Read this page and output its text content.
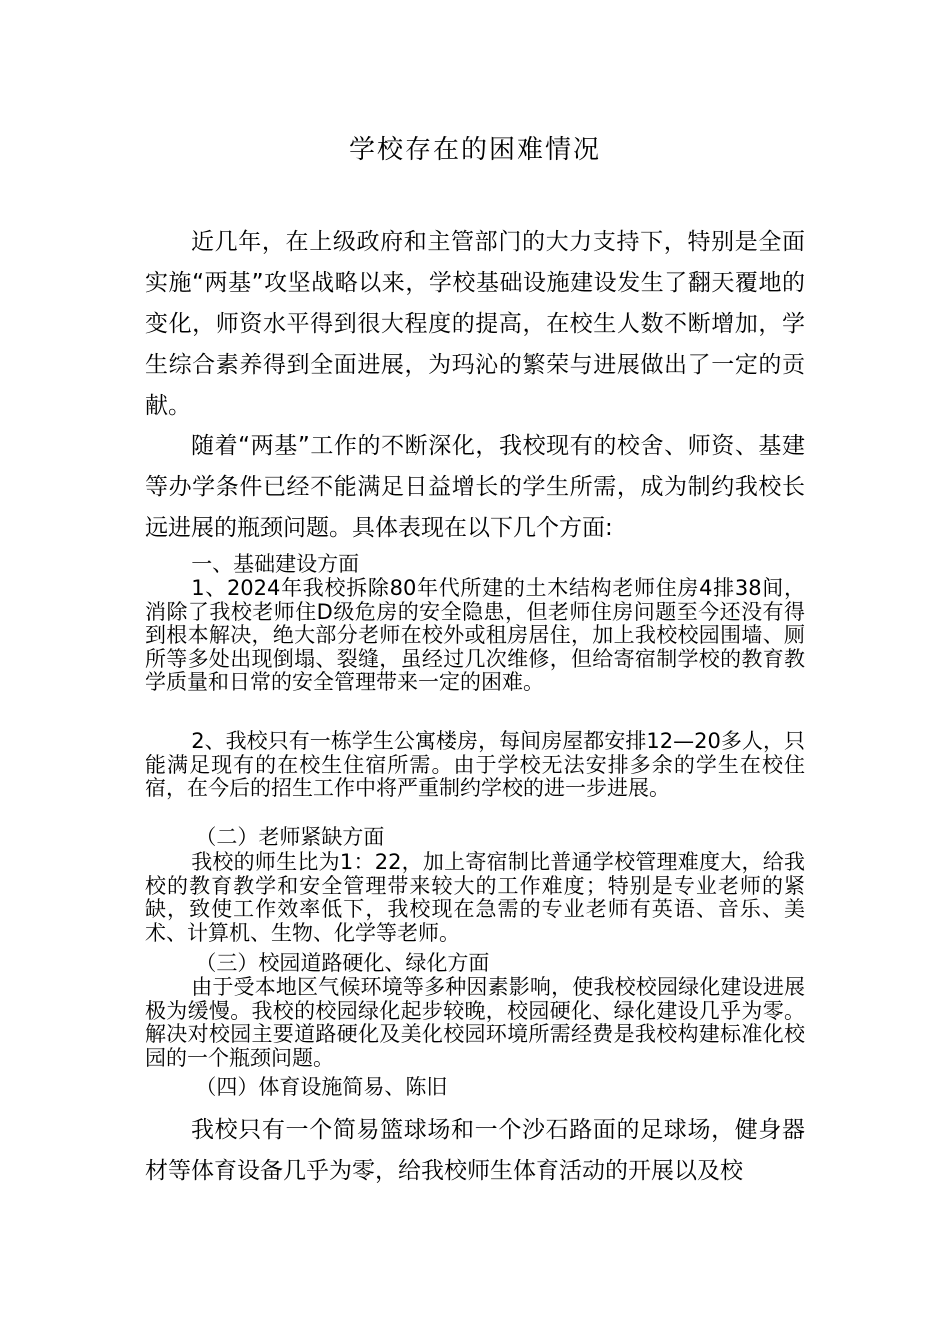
学校存在的困难情况
近几年，在上级政府和主管部门的大力支持下，特别是全面实施“两基”攻坚战略以来，学校基础设施建设发生了翻天覆地的变化，师资水平得到很大程度的提高，在校生人数不断增加，学生综合素养得到全面进展，为玛沁的繁荣与进展做出了一定的贡献。
随着“两基”工作的不断深化，我校现有的校舍、师资、基建等办学条件已经不能满足日益增长的学生所需，成为制约我校长远进展的瓶颈问题。具体表现在以下几个方面:
一、基础建设方面
1、2024年我校拆除80年代所建的土木结构老师住房4排38间，消除了我校老师住D级危房的安全隐患，但老师住房问题至今还没有得到根本解决，绝大部分老师在校外或租房居住，加上我校校园围墙、厕所等多处出现倒塌、裂缝，虽经过几次维修，但给寄宿制学校的教育教学质量和日常的安全管理带来一定的困难。
2、我校只有一栋学生公寓楼房，每间房屋都安排12—20多人，只能满足现有的在校生住宿所需。由于学校无法安排多余的学生在校住宿，在今后的招生工作中将严重制约学校的进一步进展。
（二）老师紧缺方面
我校的师生比为1：22，加上寄宿制比普通学校管理难度大，给我校的教育教学和安全管理带来较大的工作难度；特别是专业老师的紧缺，致使工作效率低下，我校现在急需的专业老师有英语、音乐、美术、计算机、生物、化学等老师。
（三）校园道路硬化、绿化方面
由于受本地区气候环境等多种因素影响，使我校校园绿化建设进展极为缓慢。我校的校园绿化起步较晚，校园硬化、绿化建设几乎为零。解决对校园主要道路硬化及美化校园环境所需经费是我校构建标准化校园的一个瓶颈问题。
（四）体育设施简易、陈旧
我校只有一个简易篮球场和一个沙石路面的足球场，健身器材等体育设备几乎为零，给我校师生体育活动的开展以及校
